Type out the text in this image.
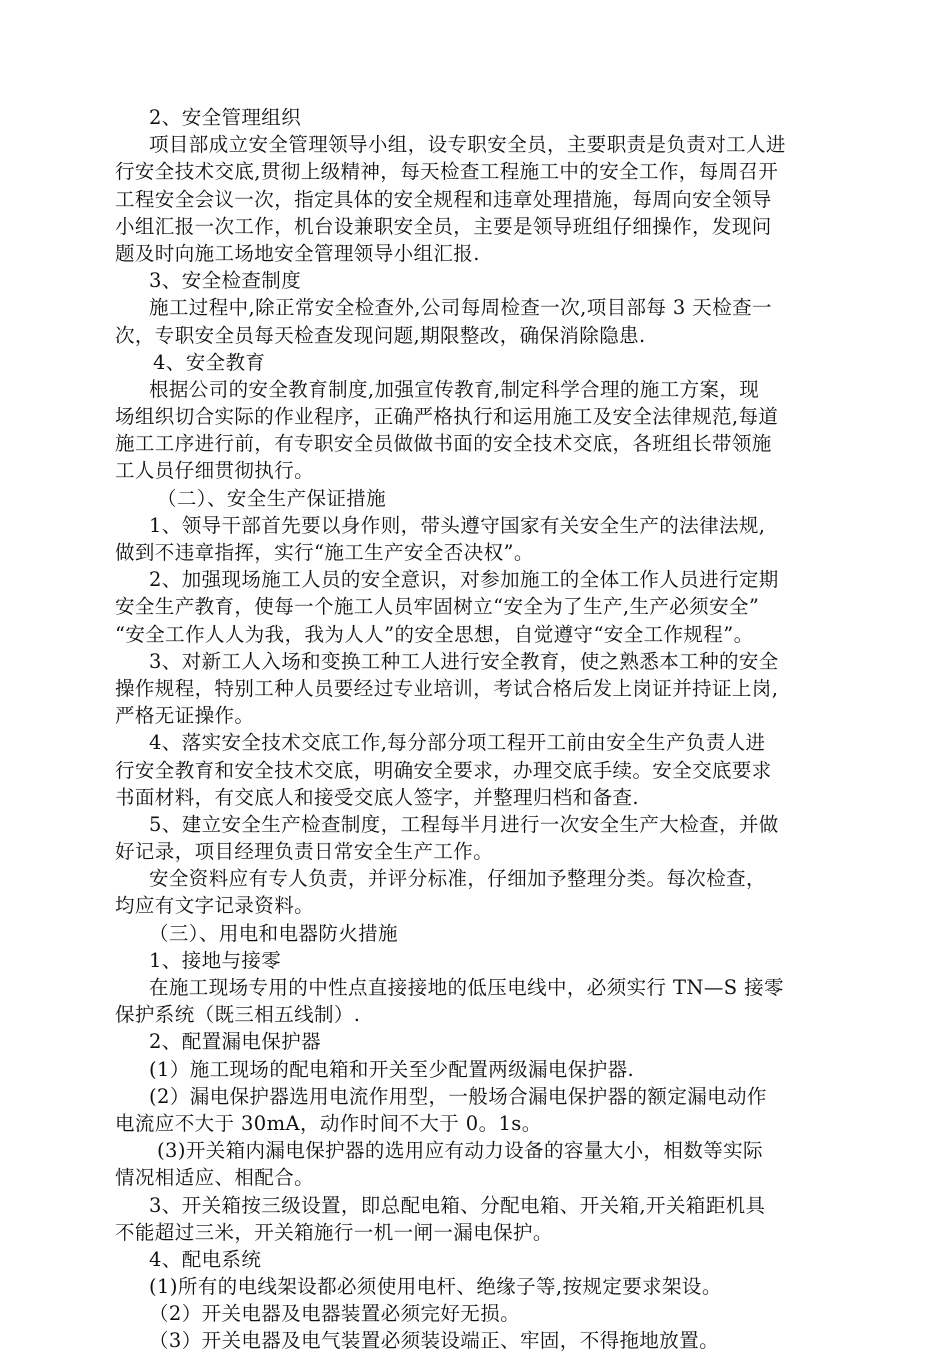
2、安全管理组织
项目部成立安全管理领导小组，设专职安全员，主要职责是负责对工人进
行安全技术交底,贯彻上级精神，每天检查工程施工中的安全工作，每周召开
工程安全会议一次，指定具体的安全规程和违章处理措施，每周向安全领导
小组汇报一次工作，机台设兼职安全员，主要是领导班组仔细操作，发现问
题及时向施工场地安全管理领导小组汇报.
3、安全检查制度
施工过程中,除正常安全检查外,公司每周检查一次,项目部每 3 天检查一
次，专职安全员每天检查发现问题,期限整改，确保消除隐患.
4、安全教育
根据公司的安全教育制度,加强宣传教育,制定科学合理的施工方案，现
场组织切合实际的作业程序，正确严格执行和运用施工及安全法律规范,每道
施工工序进行前，有专职安全员做做书面的安全技术交底，各班组长带领施
工人员仔细贯彻执行。
（二）、安全生产保证措施
1、领导干部首先要以身作则，带头遵守国家有关安全生产的法律法规,
做到不违章指挥，实行“施工生产安全否决权”。
2、加强现场施工人员的安全意识，对参加施工的全体工作人员进行定期
安全生产教育，使每一个施工人员牢固树立“安全为了生产,生产必须安全”
“安全工作人人为我，我为人人”的安全思想，自觉遵守“安全工作规程”。
3、对新工人入场和变换工种工人进行安全教育，使之熟悉本工种的安全
操作规程，特别工种人员要经过专业培训，考试合格后发上岗证并持证上岗,
严格无证操作。
4、落实安全技术交底工作,每分部分项工程开工前由安全生产负责人进
行安全教育和安全技术交底，明确安全要求，办理交底手续。安全交底要求
书面材料，有交底人和接受交底人签字，并整理归档和备查.
5、建立安全生产检查制度，工程每半月进行一次安全生产大检查，并做
好记录，项目经理负责日常安全生产工作。
安全资料应有专人负责，并评分标准，仔细加予整理分类。每次检查，
均应有文字记录资料。
（三）、用电和电器防火措施
1、接地与接零
在施工现场专用的中性点直接接地的低压电线中，必须实行 TN—S 接零
保护系统（既三相五线制）.
2、配置漏电保护器
(1）施工现场的配电箱和开关至少配置两级漏电保护器.
(2）漏电保护器选用电流作用型，一般场合漏电保护器的额定漏电动作
电流应不大于 30mA，动作时间不大于 0。1s。
(3)开关箱内漏电保护器的选用应有动力设备的容量大小，相数等实际
情况相适应、相配合。
3、开关箱按三级设置，即总配电箱、分配电箱、开关箱,开关箱距机具
不能超过三米，开关箱施行一机一闸一漏电保护。
4、配电系统
(1)所有的电线架设都必须使用电杆、绝缘子等,按规定要求架设。
（2）开关电器及电器装置必须完好无损。
（3）开关电器及电气装置必须装设端正、牢固，不得拖地放置。
